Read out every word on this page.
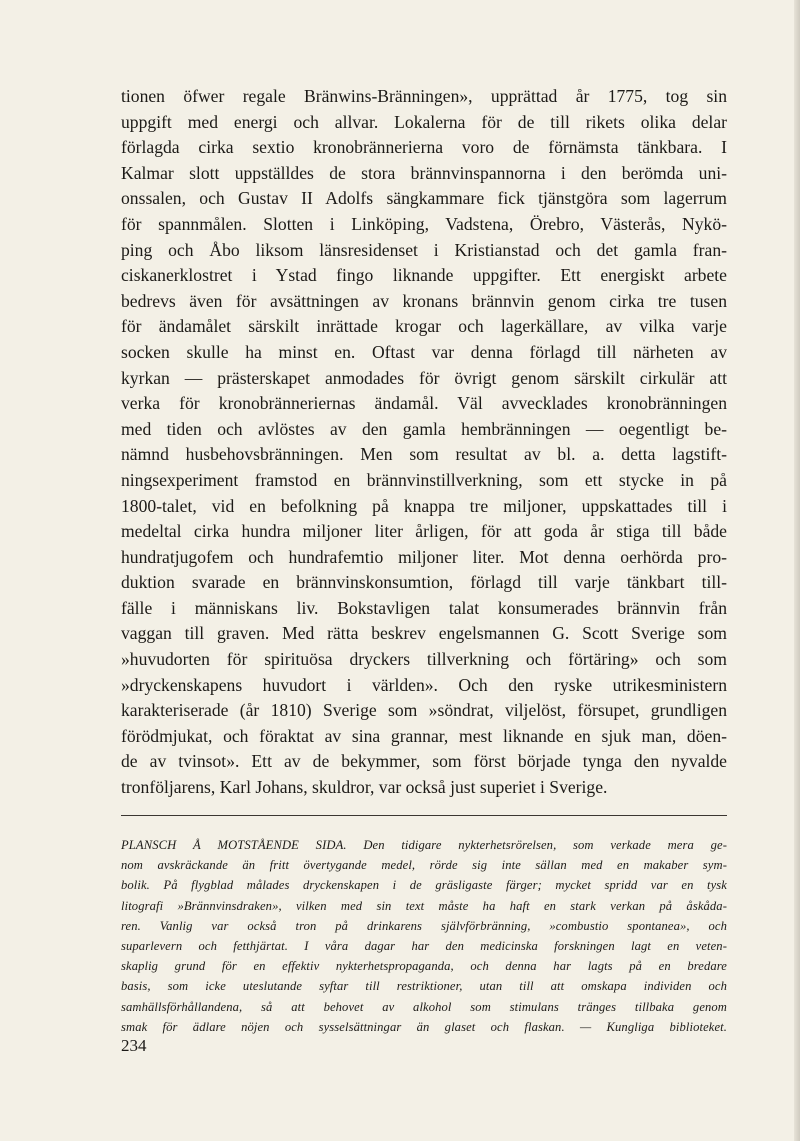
tionen öfwer regale Bränwins-Bränningen», upprättad år 1775, tog sin
uppgift med energi och allvar. Lokalerna för de till rikets olika delar
förlagda cirka sextio kronobrännerierna voro de förnämsta tänkbara. I
Kalmar slott uppställdes de stora brännvinspannorna i den berömda uni-
onssalen, och Gustav II Adolfs sängkammare fick tjänstgöra som lagerrum
för spannmålen. Slotten i Linköping, Vadstena, Örebro, Västerås, Nykö-
ping och Åbo liksom länsresidenset i Kristianstad och det gamla fran-
ciskanerklostret i Ystad fingo liknande uppgifter. Ett energiskt arbete
bedrevs även för avsättningen av kronans brännvin genom cirka tre tusen
för ändamålet särskilt inrättade krogar och lagerkällare, av vilka varje
socken skulle ha minst en. Oftast var denna förlagd till närheten av
kyrkan — prästerskapet anmodades för övrigt genom särskilt cirkulär att
verka för kronobränneriernas ändamål. Väl avvecklades kronobränningen
med tiden och avlöstes av den gamla hembränningen — oegentligt be-
nämnd husbehovsbränningen. Men som resultat av bl. a. detta lagstift-
ningsexperiment framstod en brännvinstillverkning, som ett stycke in på
1800-talet, vid en befolkning på knappa tre miljoner, uppskattades till i
medeltal cirka hundra miljoner liter årligen, för att goda år stiga till både
hundratjugofem och hundrafemtio miljoner liter. Mot denna oerhörda pro-
duktion svarade en brännvinskonsumtion, förlagd till varje tänkbart till-
fälle i människans liv. Bokstavligen talat konsumerades brännvin från
vaggan till graven. Med rätta beskrev engelsmannen G. Scott Sverige som
»huvudorten för spirituösa dryckers tillverkning och förtäring» och som
»dryckenskapens huvudort i världen». Och den ryske utrikesministern
karakteriserade (år 1810) Sverige som »söndrat, viljelöst, försupet, grundligen
förödmjukat, och föraktat av sina grannar, mest liknande en sjuk man, döen-
de av tvinsot». Ett av de bekymmer, som först började tynga den nyvalde
tronföljarens, Karl Johans, skuldror, var också just superiet i Sverige.
PLANSCH Å MOTSTÅENDE SIDA. Den tidigare nykterhetsrörelsen, som verkade mera ge-
nom avskräckande än fritt övertygande medel, rörde sig inte sällan med en makaber sym-
bolik. På flygblad målades dryckenskapen i de gräsligaste färger; mycket spridd var en tysk
litografi »Brännvinsdraken», vilken med sin text måste ha haft en stark verkan på åskåda-
ren. Vanlig var också tron på drinkarens självförbränning, »combustio spontanea», och
suparlevern och fetthjärtat. I våra dagar har den medicinska forskningen lagt en veten-
skaplig grund för en effektiv nykterhetspropaganda, och denna har lagts på en bredare
basis, som icke uteslutande syftar till restriktioner, utan till att omskapa individen och
samhällsförhållandena, så att behovet av alkohol som stimulans tränges tillbaka genom
smak för ädlare nöjen och sysselsättningar än glaset och flaskan. — Kungliga biblioteket.
234
